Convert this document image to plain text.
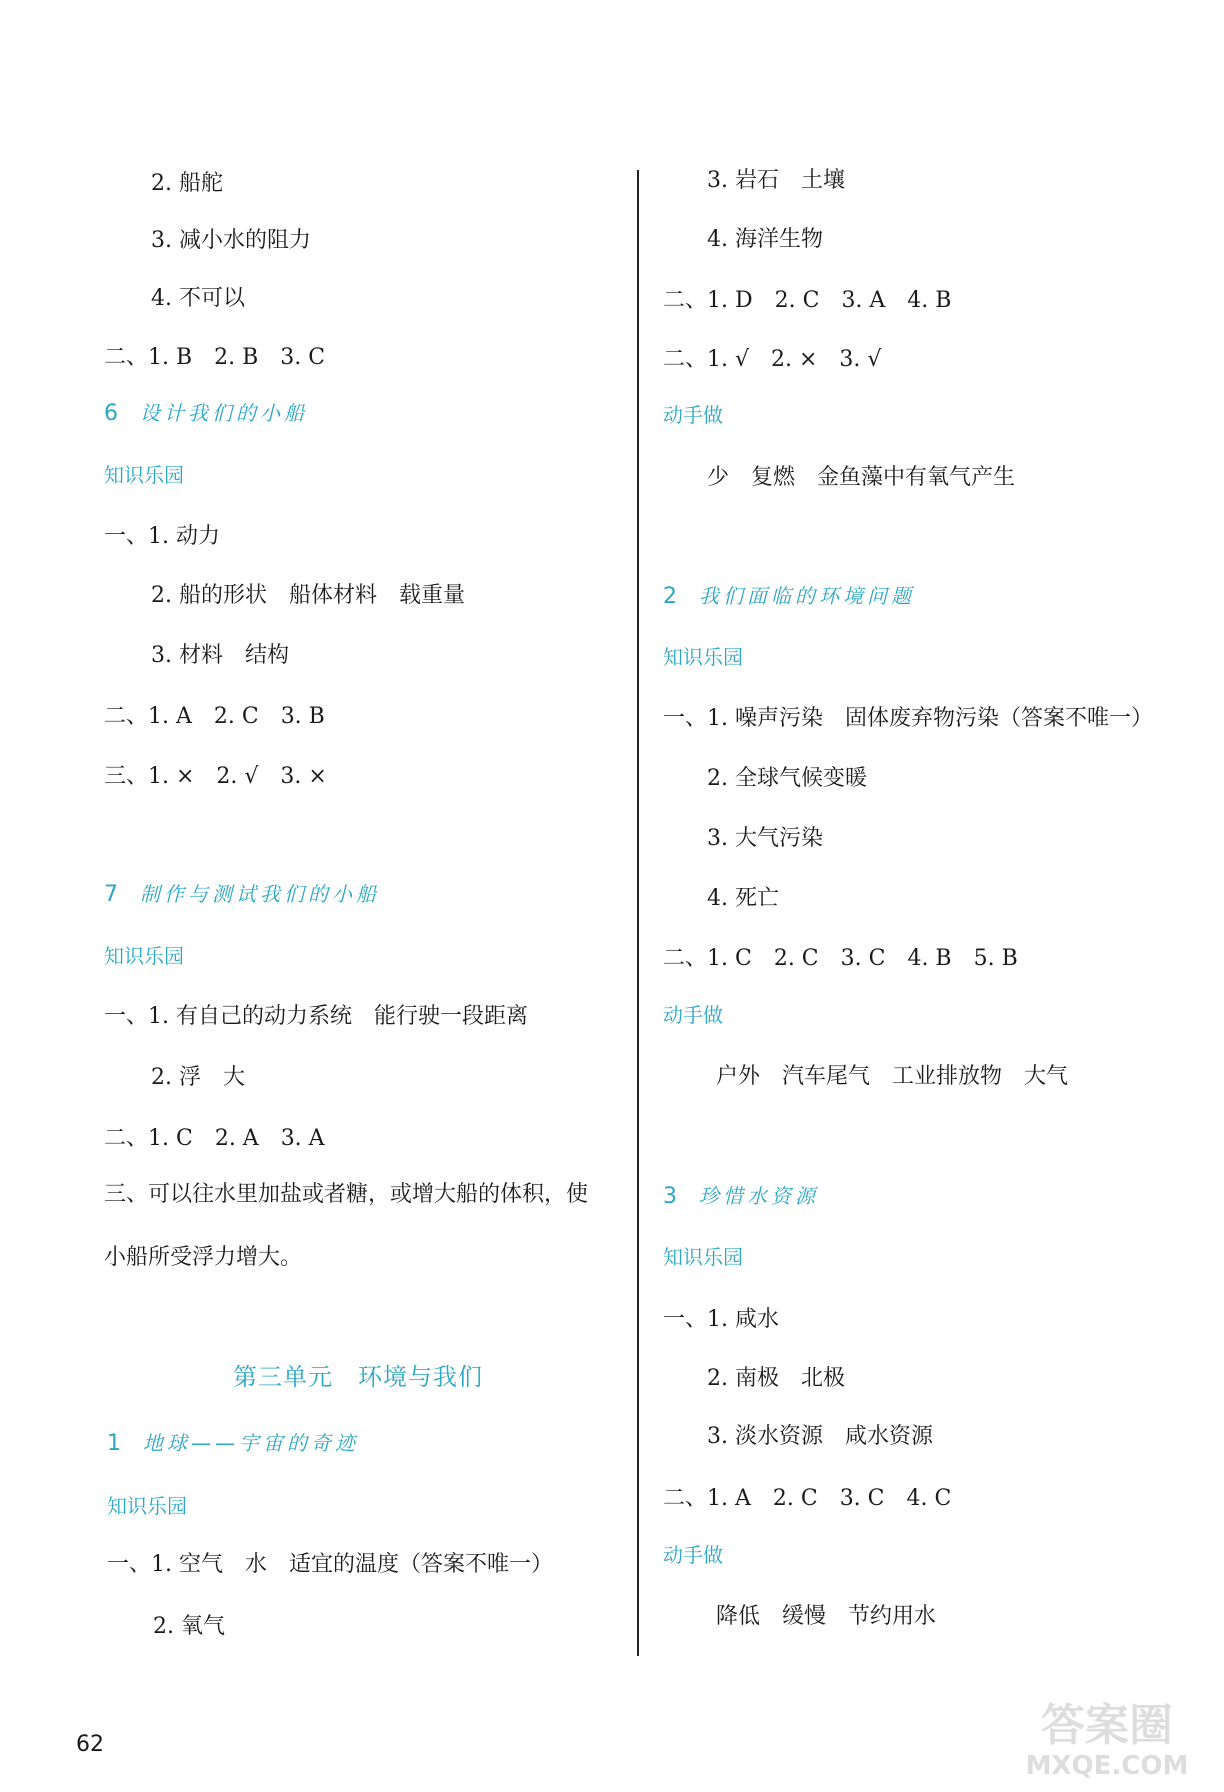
2. 船舵
3. 减小水的阻力
4. 不可以
二、1. B　2. B　3. C
6 设计我们的小船
知识乐园
一、1. 动力
2. 船的形状　船体材料　载重量
3. 材料　结构
二、1. A　2. C　3. B
三、1. ×　2. √　3. ×
7 制作与测试我们的小船
知识乐园
一、1. 有自己的动力系统　能行驶一段距离
2. 浮　大
二、1. C　2. A　3. A
三、可以往水里加盐或者糖，或增大船的体积，使
小船所受浮力增大。
第三单元　环境与我们
1 地球——宇宙的奇迹
知识乐园
一、1. 空气　水　适宜的温度（答案不唯一）
2. 氧气
3. 岩石　土壤
4. 海洋生物
二、1. D　2. C　3. A　4. B
二、1. √　2. ×　3. √
动手做
少　复燃　金鱼藻中有氧气产生
2 我们面临的环境问题
知识乐园
一、1. 噪声污染　固体废弃物污染（答案不唯一）
2. 全球气候变暖
3. 大气污染
4. 死亡
二、1. C　2. C　3. C　4. B　5. B
动手做
户外　汽车尾气　工业排放物　大气
3 珍惜水资源
知识乐园
一、1. 咸水
2. 南极　北极
3. 淡水资源　咸水资源
二、1. A　2. C　3. C　4. C
动手做
降低　缓慢　节约用水
62	答案圈
MXQE.COM
